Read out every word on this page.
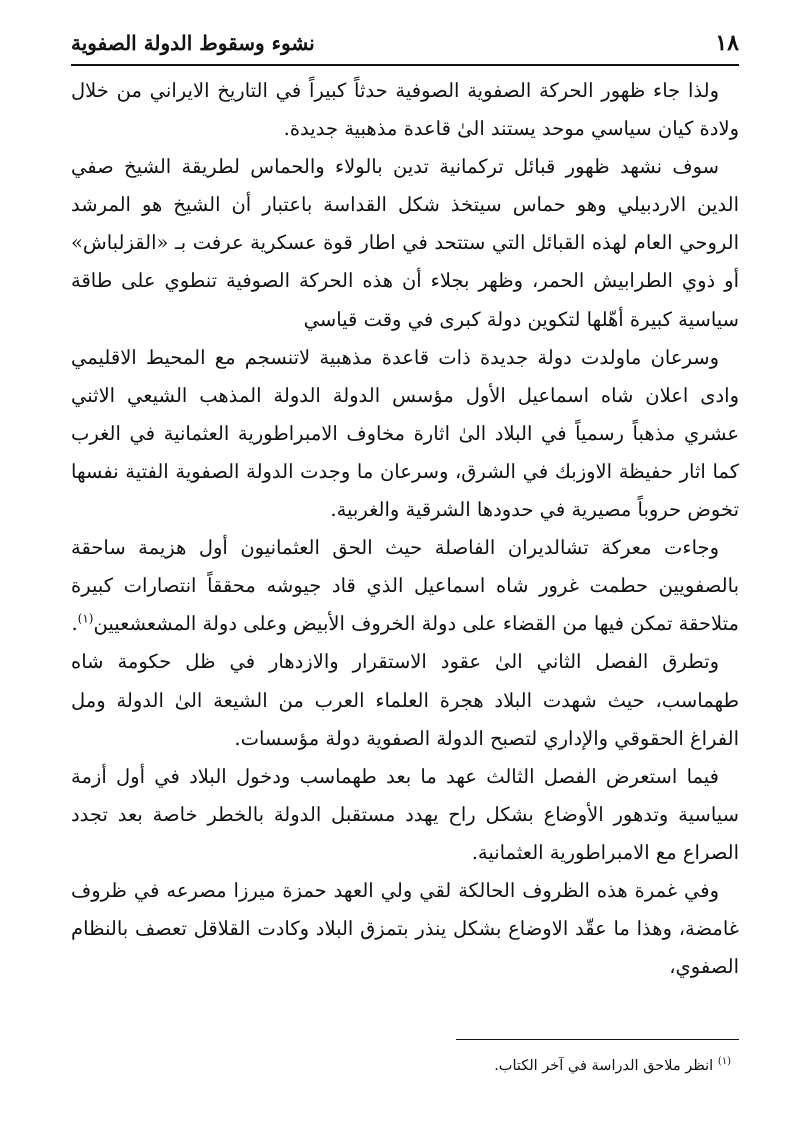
١٨
نشوء وسقوط الدولة الصفوية

ولذا جاء ظهور الحركة الصفوية الصوفية حدثاً كبيراً في التاريخ الايراني من خلال ولادة كيان سياسي موحد يستند الىٰ قاعدة مذهبية جديدة.

سوف نشهد ظهور قبائل تركمانية تدين بالولاء والحماس لطريقة الشيخ صفي الدين الاردبيلي وهو حماس سيتخذ شكل القداسة باعتبار أن الشيخ هو المرشد الروحي العام لهذه القبائل التي ستتحد في اطار قوة عسكرية عرفت بـ «القزلباش» أو ذوي الطرابيش الحمر، وظهر بجلاء أن هذه الحركة الصوفية تنطوي على طاقة سياسية كبيرة أهّلها لتكوين دولة كبرى في وقت قياسي

وسرعان ماولدت دولة جديدة ذات قاعدة مذهبية لاتنسجم مع المحيط الاقليمي وادى اعلان شاه اسماعيل الأول مؤسس الدولة الدولة المذهب الشيعي الاثني عشري مذهباً رسمياً في البلاد الىٰ اثارة مخاوف الامبراطورية العثمانية في الغرب كما اثار حفيظة الاوزبك في الشرق، وسرعان ما وجدت الدولة الصفوية الفتية نفسها تخوض حروباً مصيرية في حدودها الشرقية والغربية.

وجاءت معركة تشالديران الفاصلة حيث الحق العثمانيون أول هزيمة ساحقة بالصفويين حطمت غرور شاه اسماعيل الذي قاد جيوشه محققاً انتصارات كبيرة متلاحقة تمكن فيها من القضاء على دولة الخروف الأبيض وعلى دولة المشعشعيين$^{(١)}$.

وتطرق الفصل الثاني الىٰ عقود الاستقرار والازدهار في ظل حكومة شاه طهماسب، حيث شهدت البلاد هجرة العلماء العرب من الشيعة الىٰ الدولة ومل الفراغ الحقوقي والإداري لتصبح الدولة الصفوية دولة مؤسسات.

فيما استعرض الفصل الثالث عهد ما بعد طهماسب ودخول البلاد في أول أزمة سياسية وتدهور الأوضاع بشكل راح يهدد مستقبل الدولة بالخطر خاصة بعد تجدد الصراع مع الامبراطورية العثمانية.

وفي غمرة هذه الظروف الحالكة لقي ولي العهد حمزة ميرزا مصرعه في ظروف غامضة، وهذا ما عقّد الاوضاع بشكل ينذر بتمزق البلاد وكادت القلاقل تعصف بالنظام الصفوي،

$^{(١)}$ انظر ملاحق الدراسة في آخر الكتاب.
